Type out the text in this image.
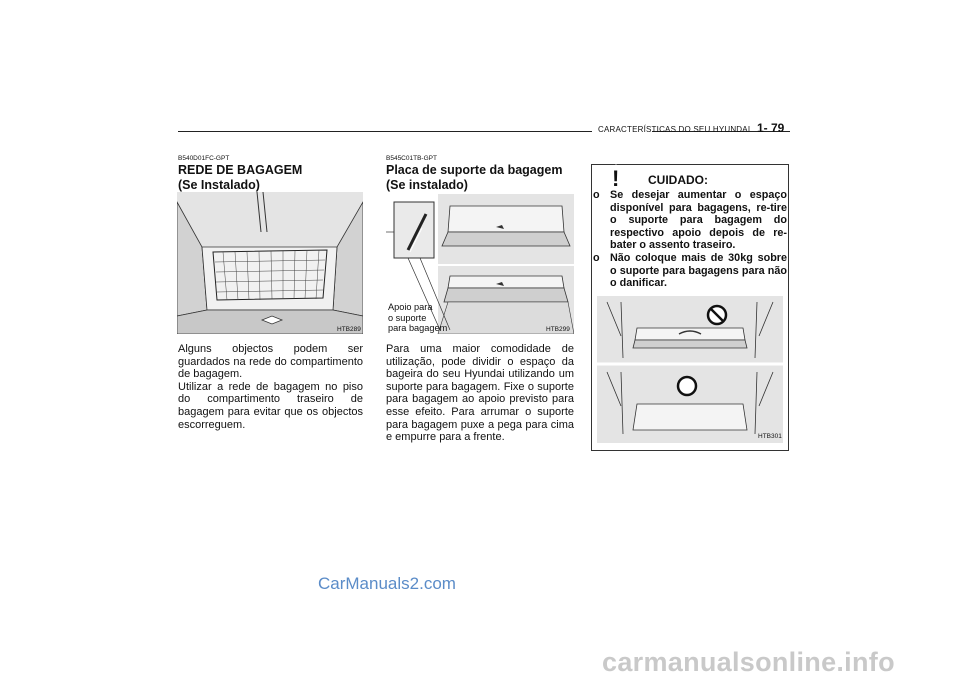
CARACTERÍSTICAS DO SEU HYUNDAI 1- 79
B540D01FC-GPT
REDE DE BAGAGEM
(Se Instalado)
HTB289

Alguns objectos podem ser guardados na rede do compartimento de bagagem.

Utilizar a rede de bagagem no piso do compartimento traseiro de bagagem para evitar que os objectos escorreguem.

B545C01TB-GPT
Placa de suporte da bagagem
(Se instalado)
Apoio para
o suporte
para bagagem	HTB299

Para uma maior comodidade de utilização, pode dividir o espaço da bageira do seu Hyundai utilizando um suporte para bagagem. Fixe o suporte para bagagem ao apoio previsto para esse efeito. Para arrumar o suporte para bagagem puxe a pega para cima e empurre para a frente.

! CUIDADO:
o Se desejar aumentar o espaço disponível para bagagens, re-tire o suporte para bagagem do respectivo apoio depois de re-bater o assento traseiro.
o Não coloque mais de 30kg sobre o suporte para bagagens para não o danificar.
HTB301
CarManuals2.com
carmanualsonline.info
